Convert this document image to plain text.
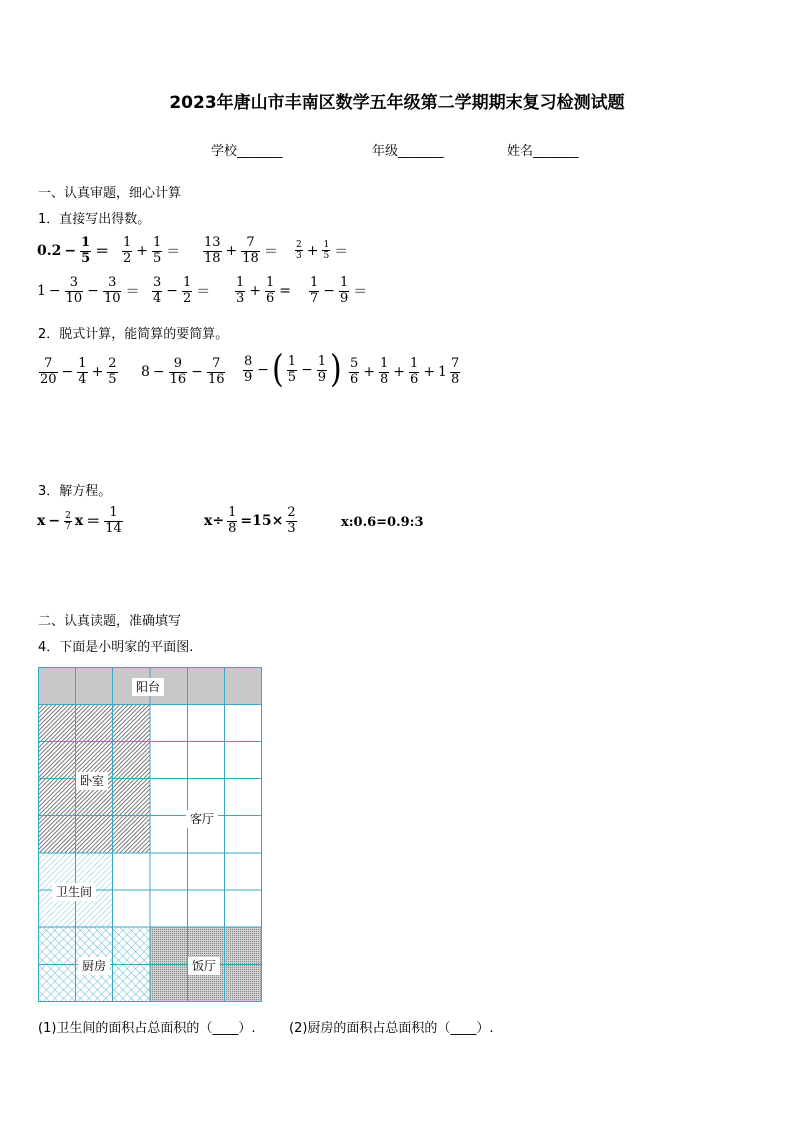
2023年唐山市丰南区数学五年级第二学期期末复习检测试题
学校_______	年级_______	姓名_______
一、认真审题，细心计算
1．直接写出得数。
$0.2 - \frac{1}{5} = \frac{1}{2} + \frac{1}{5} = \frac{13}{18} + \frac{7}{18} = \frac{2}{3} + \frac{1}{5}$ ＝
$1 - \frac{3}{10} - \frac{3}{10} = \frac{3}{4} - \frac{1}{2} = \frac{1}{3} + \frac{1}{6} = \frac{1}{7} - \frac{1}{9}$ ＝
2．脱式计算，能简算的要简算。
$\frac{7}{20} - \frac{1}{4} + \frac{2}{5} 8 - \frac{9}{16} - \frac{7}{16} \frac{8}{9}$ − ( $\frac{1}{5} - \frac{1}{9}$ ) $\frac{5}{6} + \frac{1}{8} + \frac{1}{6} + 1 \frac{7}{8}$
3．解方程。
$x - \frac{2}{7}$ $x = \frac{1}{14}$	$x\div \frac{1}{8} =15\times \frac{2}{3}$	x:0.6=0.9:3
二、认真读题，准确填写
4．下面是小明家的平面图.
阳台
卧室
客厅
卫生间
厨房	饭厅
(1)卫生间的面积占总面积的（____）.	(2)厨房的面积占总面积的（____）.
